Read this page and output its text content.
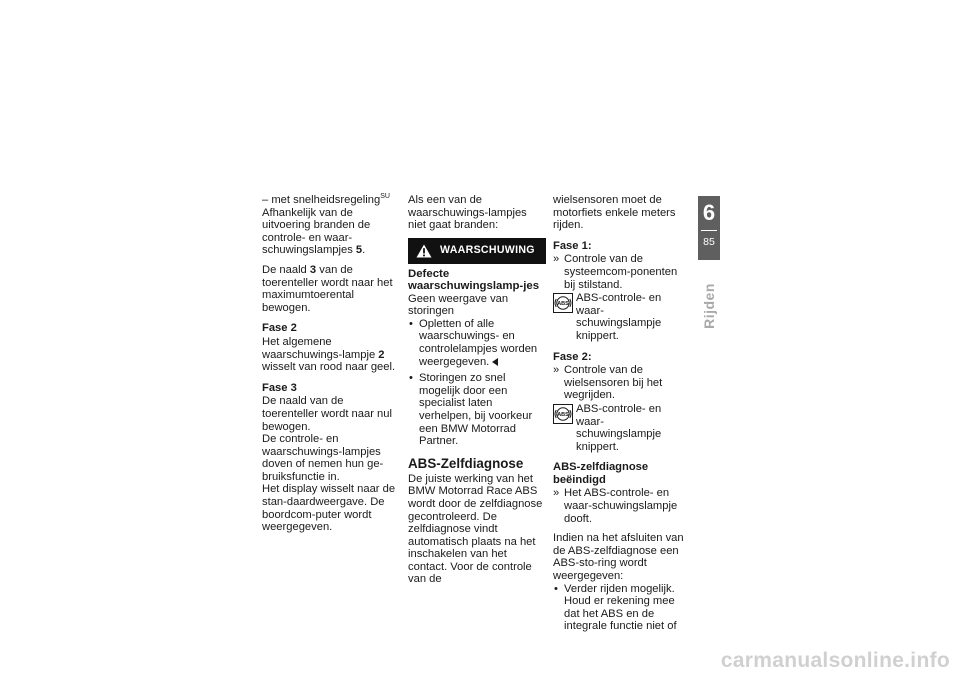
– met snelheidsregeling$^{SU}$

Afhankelijk van de uitvoering branden de controle- en waar-schuwingslampjes 5.

De naald 3 van de toerenteller wordt naar het maximumtoerental bewogen.

Fase 2

Het algemene waarschuwings-lampje 2 wisselt van rood naar geel.

Fase 3

De naald van de toerenteller wordt naar nul bewogen.

De controle- en waarschuwings-lampjes doven of nemen hun ge-bruiksfunctie in.

Het display wisselt naar de stan-daardweergave. De boordcom-puter wordt weergegeven.

Als een van de waarschuwings-lampjes niet gaat branden:

WAARSCHUWING

Defecte waarschuwingslamp-jes

Geen weergave van storingen

• Opletten of alle waarschuwings- en controlelampjes worden weergegeven.

• Storingen zo snel mogelijk door een specialist laten verhelpen, bij voorkeur een BMW Motorrad Partner.

ABS-Zelfdiagnose

De juiste werking van het BMW Motorrad Race ABS wordt door de zelfdiagnose gecontroleerd. De zelfdiagnose vindt automatisch plaats na het inschakelen van het contact. Voor de controle van de

wielsensoren moet de motorfiets enkele meters rijden.

Fase 1:

» Controle van de systeemcom-ponenten bij stilstand.

ABS ABS-controle- en waar-schuwingslampje knippert.

Fase 2:

» Controle van de wielsensoren bij het wegrijden.

ABS ABS-controle- en waar-schuwingslampje knippert.

ABS-zelfdiagnose beëindigd

» Het ABS-controle- en waar-schuwingslampje dooft.

Indien na het afsluiten van de ABS-zelfdiagnose een ABS-sto-ring wordt weergegeven:

• Verder rijden mogelijk. Houd er rekening mee dat het ABS en de integrale functie niet of

6
85
Rijden
carmanualsonline.info
